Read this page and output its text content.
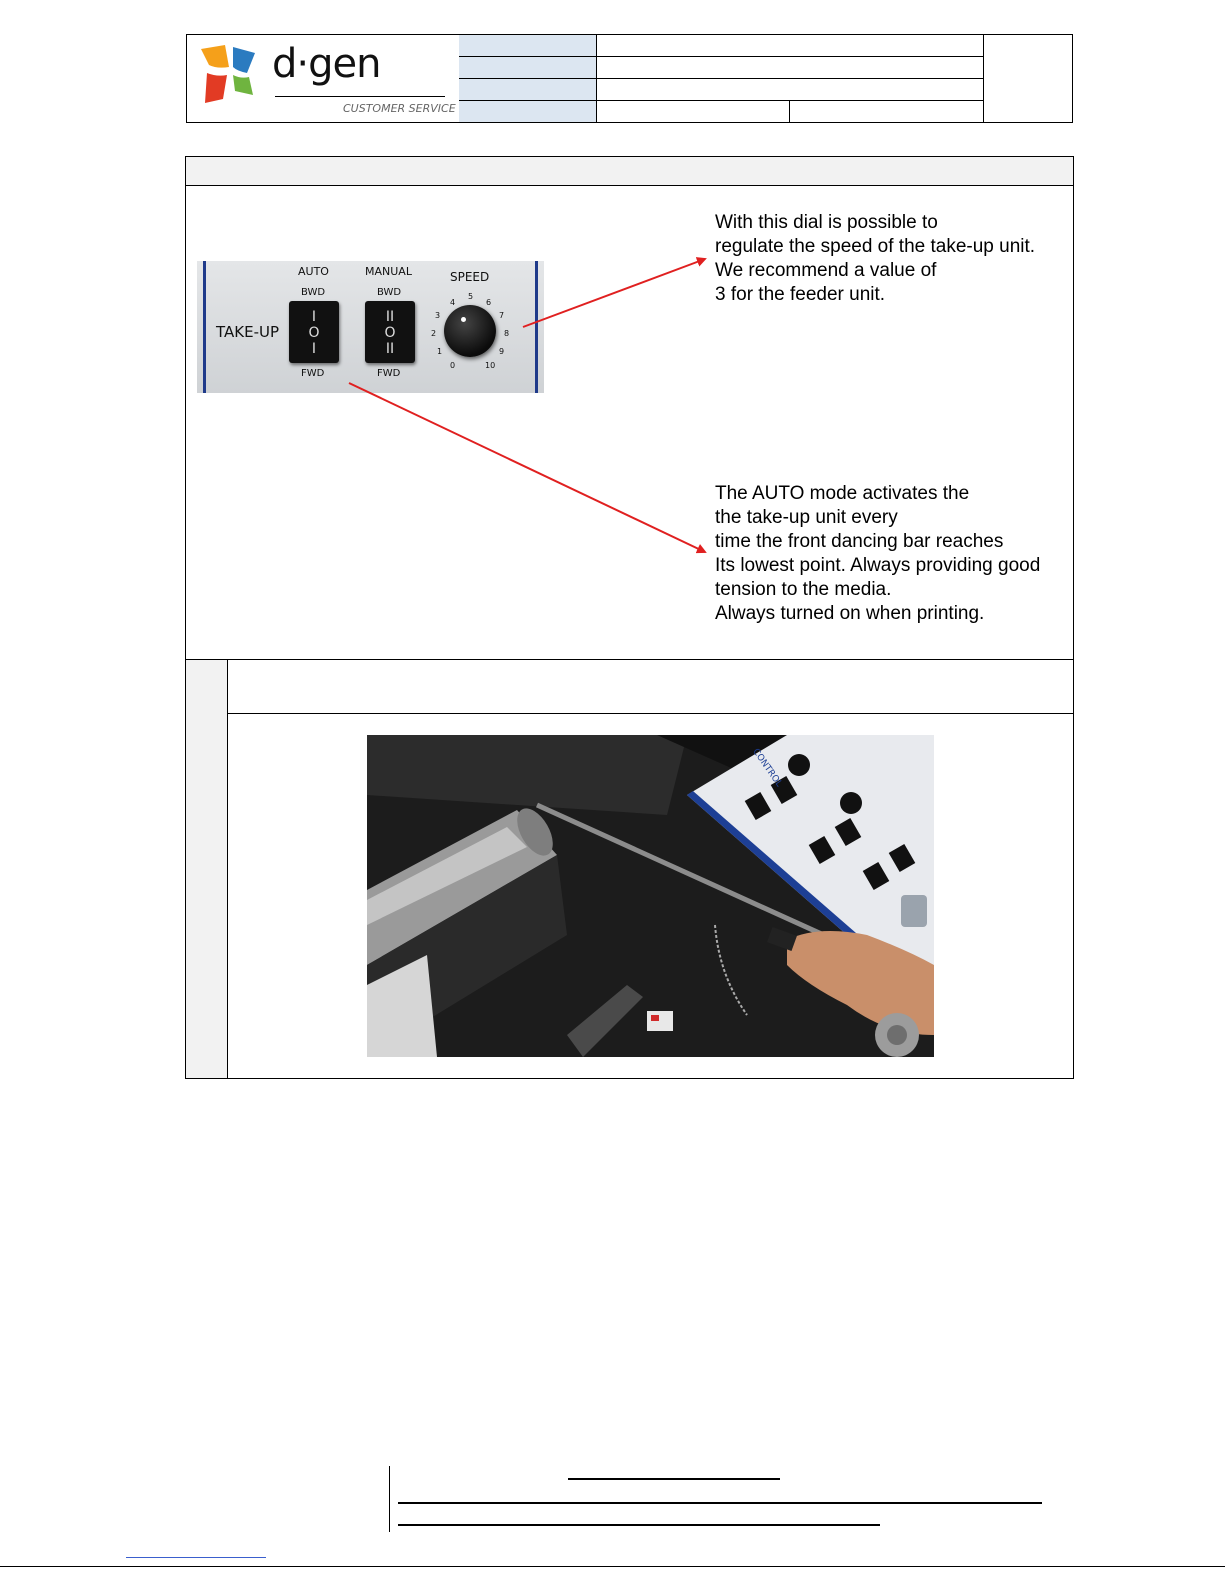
d·gen
CUSTOMER SERVICE
TAKE-UP
AUTO
BWD
I
O
I
FWD
MANUAL
BWD
II
O
II
FWD
SPEED
0
1
2
3
4
5
6
7
8
9
10
With this dial is possible to
regulate the speed of the take-up unit.
We recommend a value of
3 for the feeder unit.
The AUTO mode activates the
the take-up unit every
time the front dancing bar reaches
Its lowest point. Always providing good
tension to the media.
Always turned on when printing.
CONTROL
